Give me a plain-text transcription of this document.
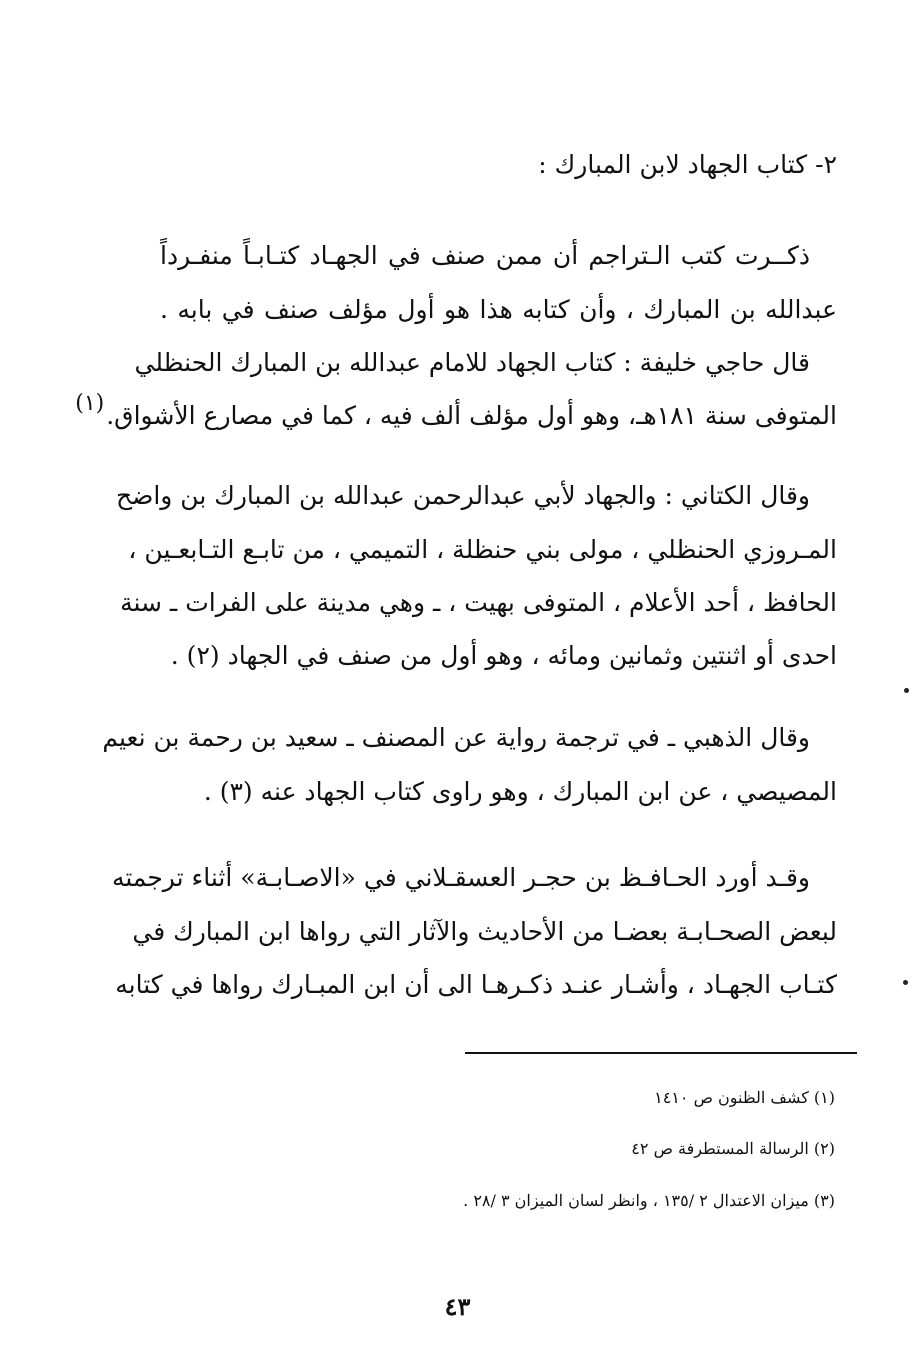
٢- كتاب الجهاد لابن المبارك :
ذكــرت كتب الـتراجم أن ممن صنف في الجهـاد كتـابـاً منفـرداً
عبدالله بن المبارك ، وأن كتابه هذا هو أول مؤلف صنف في بابه .
قال حاجي خليفة : كتاب الجهاد للامام عبدالله بن المبارك الحنظلي
المتوفى سنة ١٨١هـ، وهو أول مؤلف ألف فيه ، كما في مصارع الأشواق.(١)
وقال الكتاني : والجهاد لأبي عبدالرحمن عبدالله بن المبارك بن واضح
المـروزي الحنظلي ، مولى بني حنظلة ، التميمي ، من تابـع التـابعـين ،
الحافظ ، أحد الأعلام ، المتوفى بهيت ، ـ وهي مدينة على الفرات ـ سنة
احدى أو اثنتين وثمانين ومائه ، وهو أول من صنف في الجهاد (٢) .
وقال الذهبي ـ في ترجمة رواية عن المصنف ـ سعيد بن رحمة بن نعيم
المصيصي ، عن ابن المبارك ، وهو راوى كتاب الجهاد عنه (٣) .
وقـد أورد الحـافـظ بن حجـر العسقـلاني في «الاصـابـة» أثناء ترجمته
لبعض الصحـابـة بعضـا من الأحاديث والآثار التي رواها ابن المبارك في
كتـاب الجهـاد ، وأشـار عنـد ذكـرهـا الى أن ابن المبـارك رواها في كتابه
(١) كشف الظنون ص ١٤١٠
(٢) الرسالة المستطرفة ص ٤٢
(٣) ميزان الاعتدال ٢ /١٣٥ ، وانظر لسان الميزان ٣ /٢٨ .
٤٣
